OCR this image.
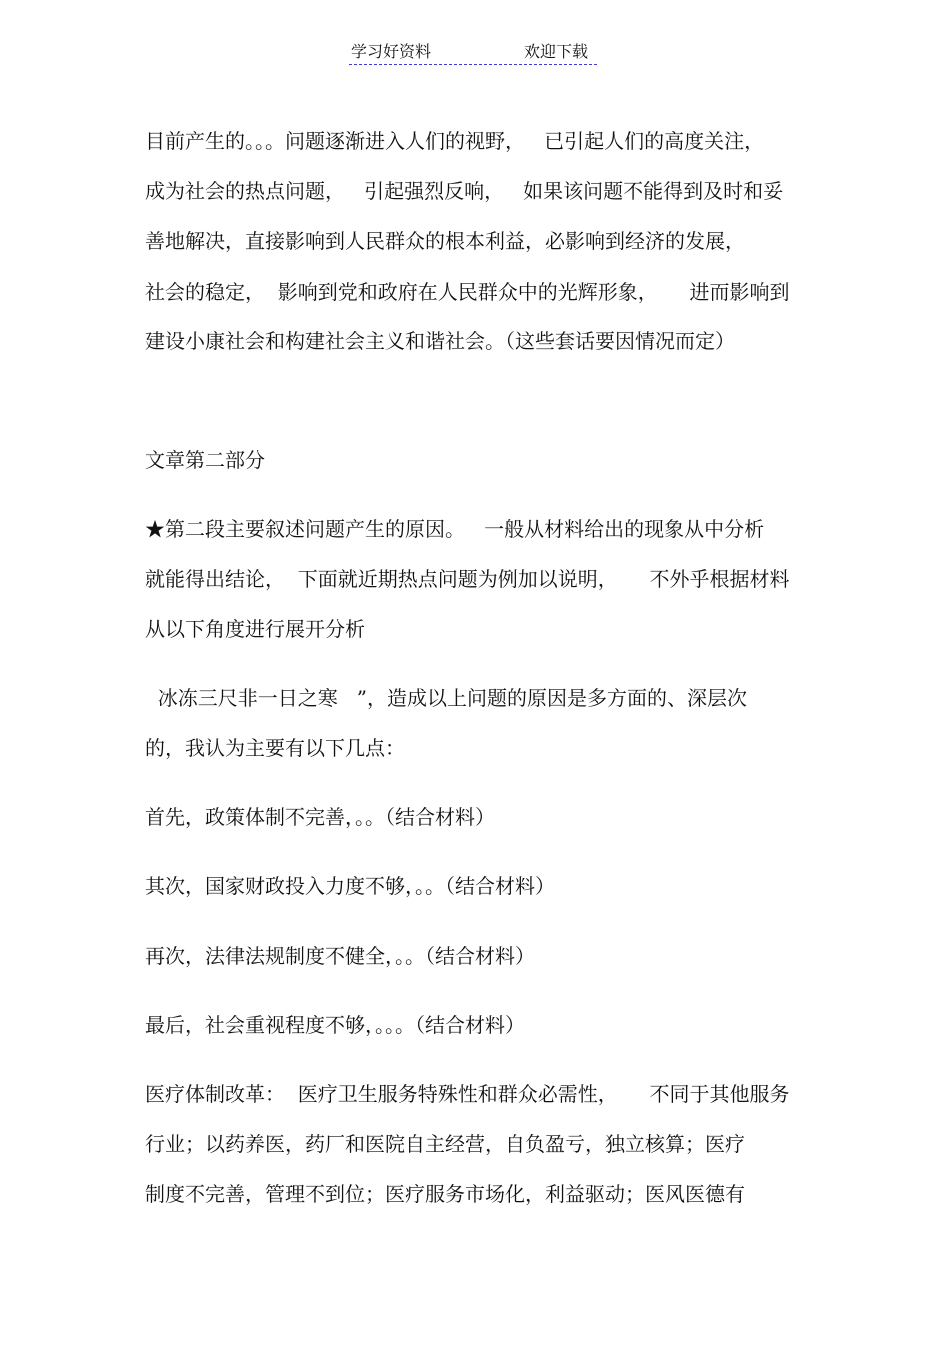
学习好资料	欢迎下载
目前产生的。。。问题逐渐进入人们的视野，   已引起人们的高度关注，
成为社会的热点问题，   引起强烈反响，   如果该问题不能得到及时和妥
善地解决，直接影响到人民群众的根本利益，必影响到经济的发展，
社会的稳定，  影响到党和政府在人民群众中的光辉形象，     进而影响到
建设小康社会和构建社会主义和谐社会。（这些套话要因情况而定）
文章第二部分
★第二段主要叙述问题产生的原因。   一般从材料给出的现象从中分析
就能得出结论，  下面就近期热点问题为例加以说明，     不外乎根据材料
从以下角度进行展开分析
冰冻三尺非一日之寒   ”，造成以上问题的原因是多方面的、深层次
的，我认为主要有以下几点：
首先，政策体制不完善，。。（结合材料）
其次，国家财政投入力度不够，。。（结合材料）
再次，法律法规制度不健全，。。（结合材料）
最后，社会重视程度不够，。。。（结合材料）
医疗体制改革：  医疗卫生服务特殊性和群众必需性，     不同于其他服务
行业；以药养医，药厂和医院自主经营，自负盈亏，独立核算；医疗
制度不完善，管理不到位；医疗服务市场化，利益驱动；医风医德有
